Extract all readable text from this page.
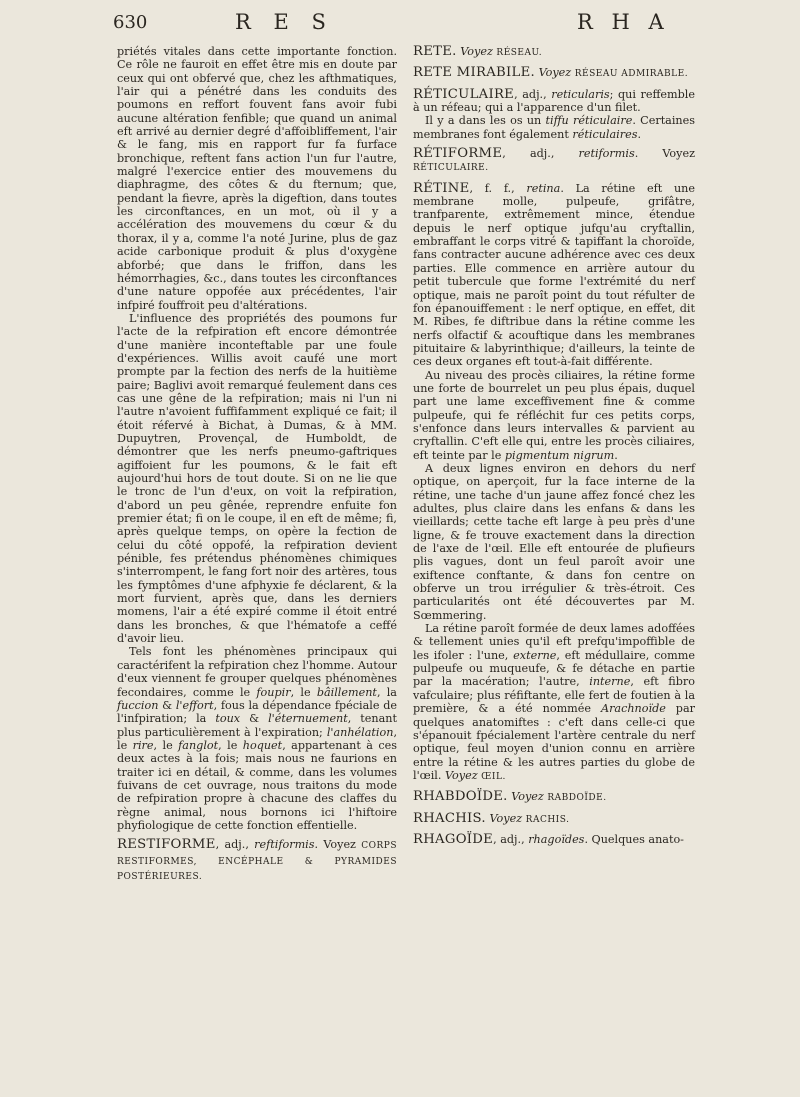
630	R E S	R H A

priétés vitales dans cette importante fonction. Ce rôle ne fauroit en effet être mis en doute par ceux qui ont obfervé que, chez les afthmatiques, l'air qui a pénétré dans les conduits des poumons en reffort fouvent fans avoir fubi aucune altération fenfible; que quand un animal eft arrivé au dernier degré d'affoibliffement, l'air & le fang, mis en rapport fur fa furface bronchique, reftent fans action l'un fur l'autre, malgré l'exercice entier des mouvemens du diaphragme, des côtes & du fternum; que, pendant la fievre, après la digeftion, dans toutes les circonftances, en un mot, où il y a accélération des mouvemens du cœur & du thorax, il y a, comme l'a noté Jurine, plus de gaz acide carbonique produit & plus d'oxygène abforbé; que dans le friffon, dans les hémorrhagies, &c., dans toutes les circonftances d'une nature oppofée aux précédentes, l'air infpiré fouffroit peu d'altérations.

L'influence des propriétés des poumons fur l'acte de la refpiration eft encore démontrée d'une manière inconteftable par une foule d'expériences. Willis avoit caufé une mort prompte par la fection des nerfs de la huitième paire; Baglivi avoit remarqué feulement dans ces cas une gêne de la refpiration; mais ni l'un ni l'autre n'avoient fuffifamment expliqué ce fait; il étoit réfervé à Bichat, à Dumas, & à MM. Dupuytren, Provençal, de Humboldt, de démontrer que les nerfs pneumo-gaftriques agiffoient fur les poumons, & le fait eft aujourd'hui hors de tout doute. Si on ne lie que le tronc de l'un d'eux, on voit la refpiration, d'abord un peu gênée, reprendre enfuite fon premier état; fi on le coupe, il en eft de même; fi, après quelque temps, on opère la fection de celui du côté oppofé, la refpiration devient pénible, fes prétendus phénomènes chimiques s'interrompent, le fang fort noir des artères, tous les fymptômes d'une afphyxie fe déclarent, & la mort furvient, après que, dans les derniers momens, l'air a été expiré comme il étoit entré dans les bronches, & que l'hématofe a ceffé d'avoir lieu.

Tels font les phénomènes principaux qui caractérifent la refpiration chez l'homme. Autour d'eux viennent fe grouper quelques phénomènes fecondaires, comme le foupir, le bâillement, la fuccion & l'effort, fous la dépendance fpéciale de l'infpiration; la toux & l'éternuement, tenant plus particulièrement à l'expiration; l'anhélation, le rire, le fanglot, le hoquet, appartenant à ces deux actes à la fois; mais nous ne faurions en traiter ici en détail, & comme, dans les volumes fuivans de cet ouvrage, nous traitons du mode de refpiration propre à chacune des claffes du règne animal, nous bornons ici l'hiftoire phyfiologique de cette fonction effentielle.

RESTIFORME, adj., reftiformis. Voyez CORPS RESTIFORMES, ENCÉPHALE & PYRAMIDES POSTÉRIEURES.

RETE. Voyez RÉSEAU.

RETE MIRABILE. Voyez RÉSEAU ADMIRABLE.

RÉTICULAIRE, adj., reticularis; qui reffemble à un réfeau; qui a l'apparence d'un filet.

Il y a dans les os un tiffu réticulaire. Certaines membranes font également réticulaires.

RÉTIFORME, adj., retiformis. Voyez RÉTICULAIRE.

RÉTINE, f. f., retina. La rétine eft une membrane molle, pulpeufe, grifâtre, tranfparente, extrêmement mince, étendue depuis le nerf optique jufqu'au cryftallin, embraffant le corps vitré & tapiffant la choroïde, fans contracter aucune adhérence avec ces deux parties. Elle commence en arrière autour du petit tubercule que forme l'extrémité du nerf optique, mais ne paroît point du tout réfulter de fon épanouiffement : le nerf optique, en effet, dit M. Ribes, fe diftribue dans la rétine comme les nerfs olfactif & acouftique dans les membranes pituitaire & labyrinthique; d'ailleurs, la teinte de ces deux organes eft tout-à-fait différente.

Au niveau des procès ciliaires, la rétine forme une forte de bourrelet un peu plus épais, duquel part une lame exceffivement fine & comme pulpeufe, qui fe réfléchit fur ces petits corps, s'enfonce dans leurs intervalles & parvient au cryftallin. C'eft elle qui, entre les procès ciliaires, eft teinte par le pigmentum nigrum.

A deux lignes environ en dehors du nerf optique, on aperçoit, fur la face interne de la rétine, une tache d'un jaune affez foncé chez les adultes, plus claire dans les enfans & dans les vieillards; cette tache eft large à peu près d'une ligne, & fe trouve exactement dans la direction de l'axe de l'œil. Elle eft entourée de plufieurs plis vagues, dont un feul paroît avoir une exiftence conftante, & dans fon centre on obferve un trou irrégulier & très-étroit. Ces particularités ont été découvertes par M. Sœmmering.

La rétine paroît formée de deux lames adoffées & tellement unies qu'il eft prefqu'impoffible de les ifoler : l'une, externe, eft médullaire, comme pulpeufe ou muqueufe, & fe détache en partie par la macération; l'autre, interne, eft fibro vafculaire; plus réfiftante, elle fert de foutien à la première, & a été nommée Arachnoïde par quelques anatomiftes : c'eft dans celle-ci que s'épanouit fpécialement l'artère centrale du nerf optique, feul moyen d'union connu en arrière entre la rétine & les autres parties du globe de l'œil. Voyez ŒIL.

RHABDOÏDE. Voyez RABDOÏDE.

RHACHIS. Voyez RACHIS.

RHAGOÏDE, adj., rhagoïdes. Quelques anato-
